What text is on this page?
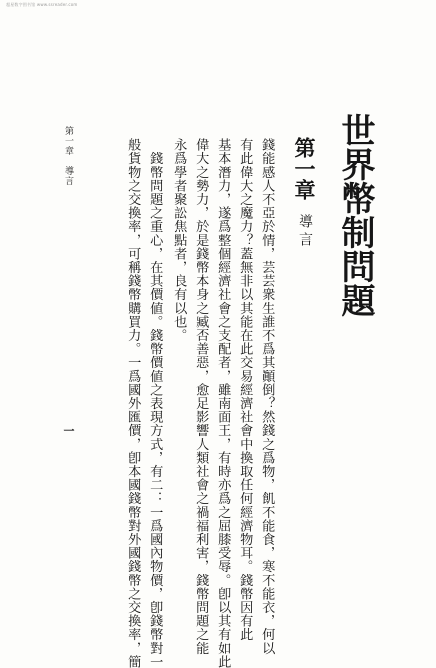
超星数字图书馆 www.ssreader.com
世界幣制問題
第一章
導言
錢能感人不亞於情，芸芸衆生誰不爲其顚倒？然錢之爲物，飢不能食，寒不能衣，何以
有此偉大之魔力？蓋無非以其能在此交易經濟社會中換取任何經濟物耳。錢幣因有此
基本潛力，遂爲整個經濟社會之支配者，雖南面王，有時亦爲之屈膝受辱。卽以其有如此
偉大之勢力，於是錢幣本身之臧否善惡，愈足影響人類社會之禍福利害，錢幣問題之能
永爲學者聚訟焦點者，良有以也。
　錢幣問題之重心，在其價値。錢幣價値之表現方式，有二：一爲國內物價，卽錢幣對一
般貨物之交換率，可稱錢幣購買力。一爲國外匯價，卽本國錢幣對外國錢幣之交換率，簡
第一章
導言
一
